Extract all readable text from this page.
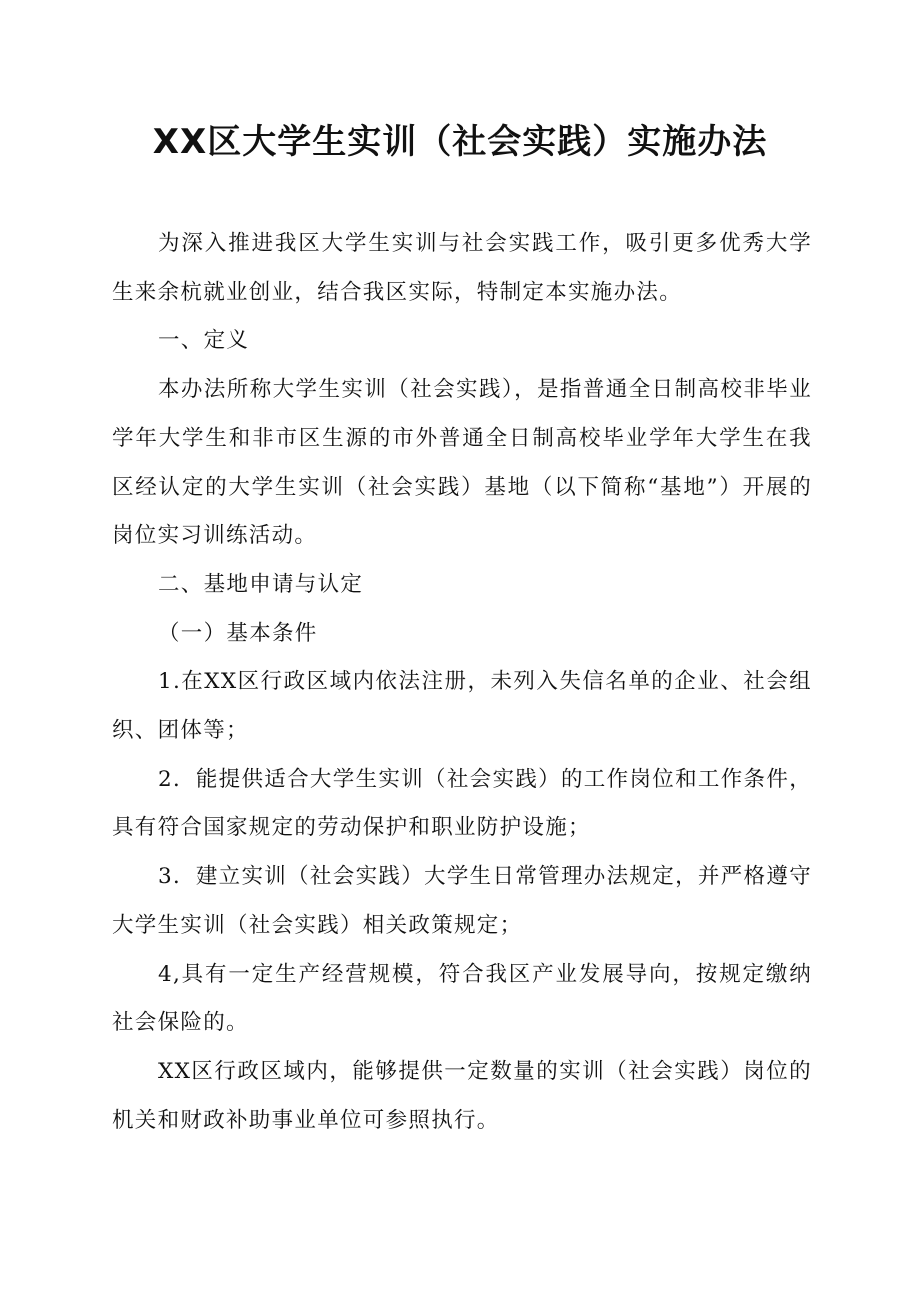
XX区大学生实训（社会实践）实施办法

为深入推进我区大学生实训与社会实践工作，吸引更多优秀大学生来余杭就业创业，结合我区实际，特制定本实施办法。

一、定义

本办法所称大学生实训（社会实践），是指普通全日制高校非毕业学年大学生和非市区生源的市外普通全日制高校毕业学年大学生在我区经认定的大学生实训（社会实践）基地（以下简称“基地”）开展的岗位实习训练活动。

二、基地申请与认定

（一）基本条件

1.在XX区行政区域内依法注册，未列入失信名单的企业、社会组织、团体等；

2．能提供适合大学生实训（社会实践）的工作岗位和工作条件，具有符合国家规定的劳动保护和职业防护设施；

3．建立实训（社会实践）大学生日常管理办法规定，并严格遵守大学生实训（社会实践）相关政策规定；

4,具有一定生产经营规模，符合我区产业发展导向，按规定缴纳社会保险的。

XX区行政区域内，能够提供一定数量的实训（社会实践）岗位的机关和财政补助事业单位可参照执行。
